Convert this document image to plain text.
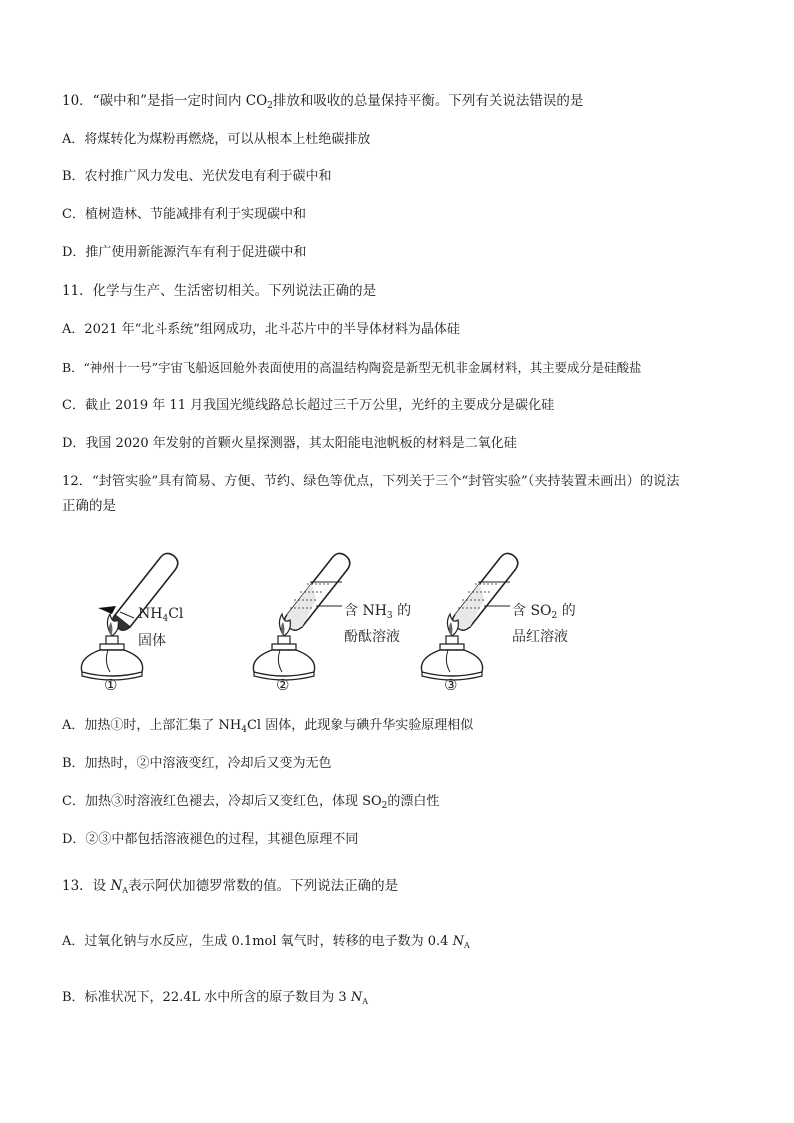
10．“碳中和”是指一定时间内 $CO_2$排放和吸收的总量保持平衡。下列有关说法错误的是
A．将煤转化为煤粉再燃烧，可以从根本上杜绝碳排放
B．农村推广风力发电、光伏发电有利于碳中和
C．植树造林、节能减排有利于实现碳中和
D．推广使用新能源汽车有利于促进碳中和
11．化学与生产、生活密切相关。下列说法正确的是
A．2021 年“北斗系统”组网成功，北斗芯片中的半导体材料为晶体硅
B．“神州十一号”宇宙飞船返回舱外表面使用的高温结构陶瓷是新型无机非金属材料，其主要成分是硅酸盐
C．截止 2019 年 11 月我国光缆线路总长超过三千万公里，光纤的主要成分是碳化硅
D．我国 2020 年发射的首颗火星探测器，其太阳能电池帆板的材料是二氧化硅
12．“封管实验”具有简易、方便、节约、绿色等优点，下列关于三个“封管实验”（夹持装置未画出）的说法
正确的是
$NH_4Cl$
固体
含 $NH_3$ 的
酚酞溶液
含 $SO_2$ 的
品红溶液
①	②	③
A．加热①时，上部汇集了 $NH_4Cl$ 固体，此现象与碘升华实验原理相似
B．加热时，②中溶液变红，冷却后又变为无色
C．加热③时溶液红色褪去，冷却后又变红色，体现 $SO_2$的漂白性
D．②③中都包括溶液褪色的过程，其褪色原理不同
13．设 $N_A$表示阿伏加德罗常数的值。下列说法正确的是
A．过氧化钠与水反应，生成 0.1mol 氧气时，转移的电子数为 0.4 $N_A$
B．标准状况下，22.4L 水中所含的原子数目为 3 $N_A$
